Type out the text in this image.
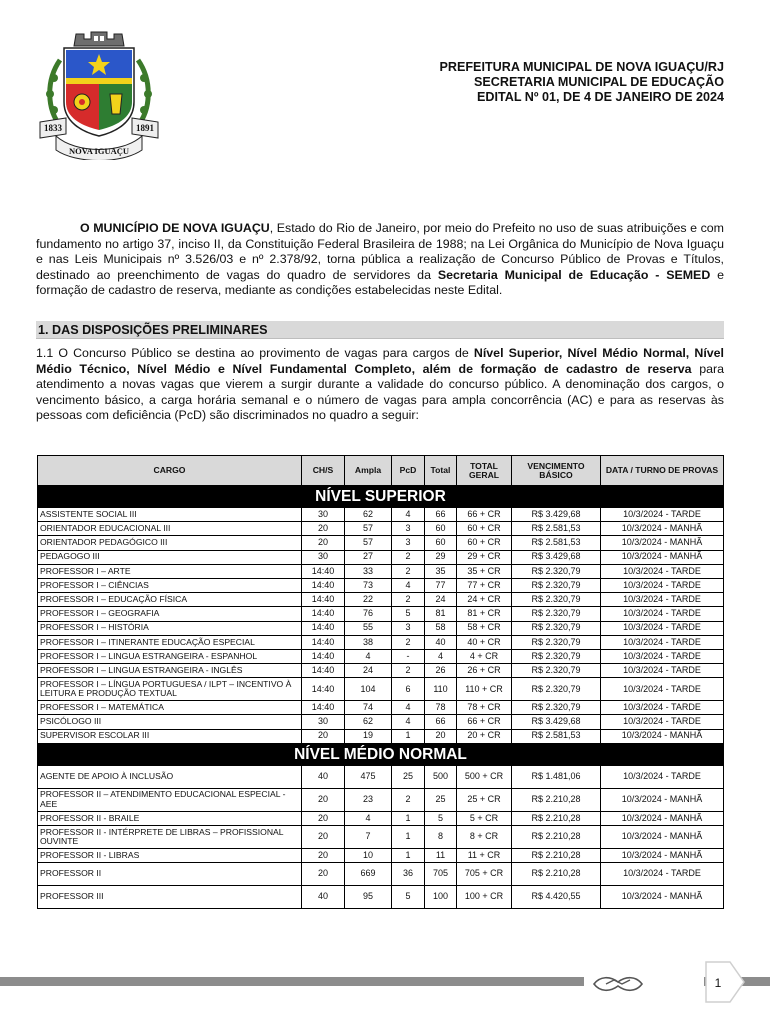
1833	1891
NOVA IGUAÇU
PREFEITURA MUNICIPAL DE NOVA IGUAÇU/RJ
SECRETARIA MUNICIPAL DE EDUCAÇÃO
EDITAL Nº 01, DE 4 DE JANEIRO DE 2024
O MUNICÍPIO DE NOVA IGUAÇU, Estado do Rio de Janeiro, por meio do Prefeito no uso de suas atribuições e com fundamento no artigo 37, inciso II, da Constituição Federal Brasileira de 1988; na Lei Orgânica do Município de Nova Iguaçu e nas Leis Municipais nº 3.526/03 e nº 2.378/92, torna pública a realização de Concurso Público de Provas e Títulos, destinado ao preenchimento de vagas do quadro de servidores da Secretaria Municipal de Educação - SEMED e formação de cadastro de reserva, mediante as condições estabelecidas neste Edital.
1. DAS DISPOSIÇÕES PRELIMINARES
1.1 O Concurso Público se destina ao provimento de vagas para cargos de Nível Superior, Nível Médio Normal, Nível Médio Técnico, Nível Médio e Nível Fundamental Completo, além de formação de cadastro de reserva para atendimento a novas vagas que vierem a surgir durante a validade do concurso público. A denominação dos cargos, o vencimento básico, a carga horária semanal e o número de vagas para ampla concorrência (AC) e para as reservas às pessoas com deficiência (PcD) são discriminados no quadro a seguir:
CARGO	CH/S	Ampla	PcD	Total	TOTAL GERAL	VENCIMENTO BÁSICO	DATA / TURNO DE PROVAS
NÍVEL SUPERIOR							
ASSISTENTE SOCIAL III	30	62	4	66	66 + CR	R$ 3.429,68	10/3/2024 - TARDE
ORIENTADOR EDUCACIONAL III	20	57	3	60	60 + CR	R$ 2.581,53	10/3/2024 - MANHÃ
ORIENTADOR PEDAGÓGICO III	20	57	3	60	60 + CR	R$ 2.581,53	10/3/2024 - MANHÃ
PEDAGOGO III	30	27	2	29	29 + CR	R$ 3.429,68	10/3/2024 - MANHÃ
PROFESSOR I – ARTE	14:40	33	2	35	35 + CR	R$ 2.320,79	10/3/2024 - TARDE
PROFESSOR I – CIÊNCIAS	14:40	73	4	77	77 + CR	R$ 2.320,79	10/3/2024 - TARDE
PROFESSOR I – EDUCAÇÃO FÍSICA	14:40	22	2	24	24 + CR	R$ 2.320,79	10/3/2024 - TARDE
PROFESSOR I – GEOGRAFIA	14:40	76	5	81	81 + CR	R$ 2.320,79	10/3/2024 - TARDE
PROFESSOR I – HISTÓRIA	14:40	55	3	58	58 + CR	R$ 2.320,79	10/3/2024 - TARDE
PROFESSOR I – ITINERANTE EDUCAÇÃO ESPECIAL	14:40	38	2	40	40 + CR	R$ 2.320,79	10/3/2024 - TARDE
PROFESSOR I – LINGUA ESTRANGEIRA - ESPANHOL	14:40	4	-	4	4 + CR	R$ 2.320,79	10/3/2024 - TARDE
PROFESSOR I – LINGUA ESTRANGEIRA - INGLÊS	14:40	24	2	26	26 + CR	R$ 2.320,79	10/3/2024 - TARDE
PROFESSOR I – LÍNGUA PORTUGUESA / ILPT – INCENTIVO À LEITURA E PRODUÇÃO TEXTUAL	14:40	104	6	110	110 + CR	R$ 2.320,79	10/3/2024 - TARDE
PROFESSOR I – MATEMÁTICA	14:40	74	4	78	78 + CR	R$ 2.320,79	10/3/2024 - TARDE
PSICÓLOGO III	30	62	4	66	66 + CR	R$ 3.429,68	10/3/2024 - TARDE
SUPERVISOR ESCOLAR III	20	19	1	20	20 + CR	R$ 2.581,53	10/3/2024 - MANHÃ
NÍVEL MÉDIO NORMAL							
AGENTE DE APOIO À INCLUSÃO	40	475	25	500	500 + CR	R$ 1.481,06	10/3/2024 - TARDE
PROFESSOR II – ATENDIMENTO EDUCACIONAL ESPECIAL - AEE	20	23	2	25	25 + CR	R$ 2.210,28	10/3/2024 - MANHÃ
PROFESSOR II - BRAILE	20	4	1	5	5 + CR	R$ 2.210,28	10/3/2024 - MANHÃ
PROFESSOR II - INTÉRPRETE DE LIBRAS – PROFISSIONAL OUVINTE	20	7	1	8	8 + CR	R$ 2.210,28	10/3/2024 - MANHÃ
PROFESSOR II - LIBRAS	20	10	1	11	11 + CR	R$ 2.210,28	10/3/2024 - MANHÃ
PROFESSOR II	20	669	36	705	705 + CR	R$ 2.210,28	10/3/2024 - TARDE
PROFESSOR III	40	95	5	100	100 + CR	R$ 4.420,55	10/3/2024 - MANHÃ
1
